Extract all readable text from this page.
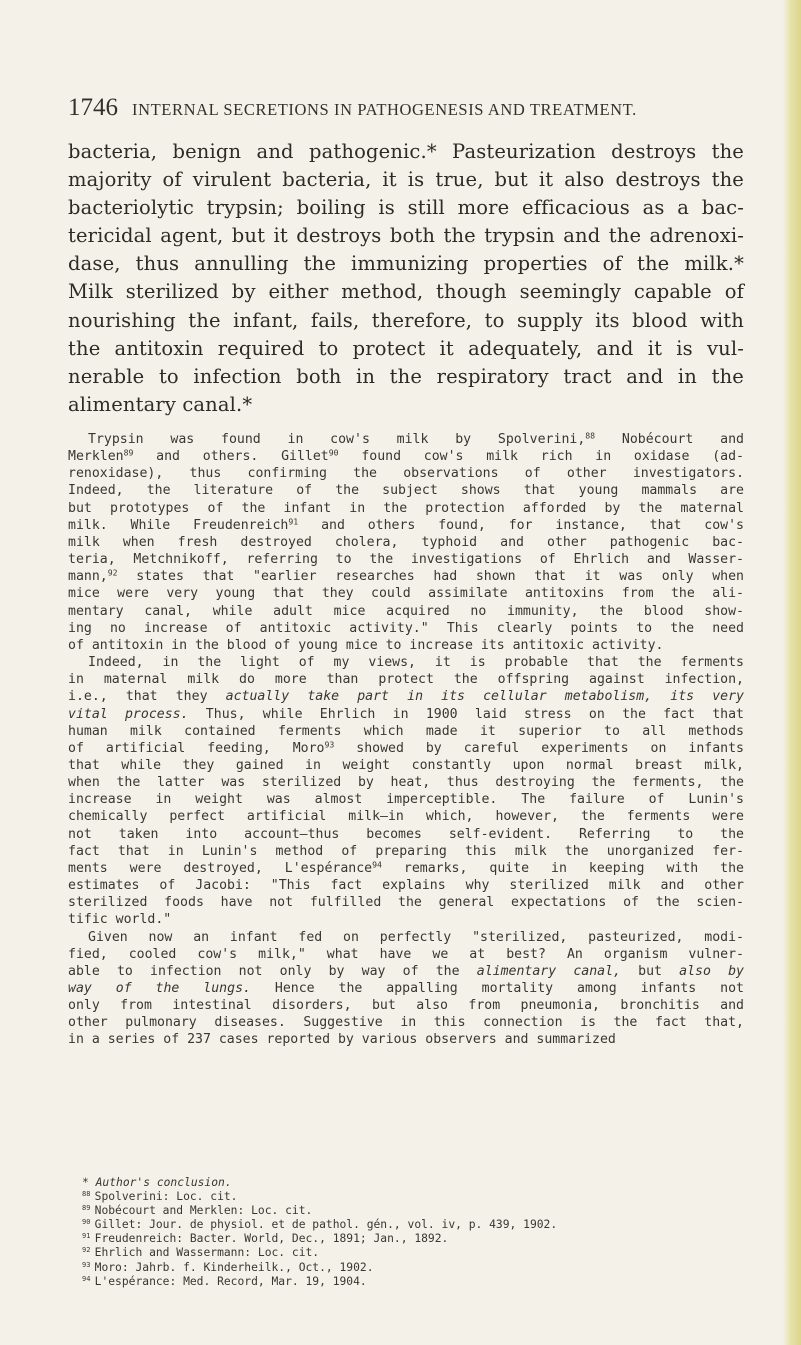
1746 INTERNAL SECRETIONS IN PATHOGENESIS AND TREATMENT.
bacteria, benign and pathogenic.* Pasteurization destroys the
majority of virulent bacteria, it is true, but it also destroys the
bacteriolytic trypsin; boiling is still more efficacious as a bac-
tericidal agent, but it destroys both the trypsin and the adrenoxi-
dase, thus annulling the immunizing properties of the milk.*
Milk sterilized by either method, though seemingly capable of
nourishing the infant, fails, therefore, to supply its blood with
the antitoxin required to protect it adequately, and it is vul-
nerable to infection both in the respiratory tract and in the
alimentary canal.*
Trypsin was found in cow's milk by Spolverini,$^{88}$ Nobécourt and
Merklen$^{89}$ and others. Gillet$^{90}$ found cow's milk rich in oxidase (ad-
renoxidase), thus confirming the observations of other investigators.
Indeed, the literature of the subject shows that young mammals are
but prototypes of the infant in the protection afforded by the maternal
milk. While Freudenreich$^{91}$ and others found, for instance, that cow's
milk when fresh destroyed cholera, typhoid and other pathogenic bac-
teria, Metchnikoff, referring to the investigations of Ehrlich and Wasser-
mann,$^{92}$ states that "earlier researches had shown that it was only when
mice were very young that they could assimilate antitoxins from the ali-
mentary canal, while adult mice acquired no immunity, the blood show-
ing no increase of antitoxic activity." This clearly points to the need
of antitoxin in the blood of young mice to increase its antitoxic activity.
Indeed, in the light of my views, it is probable that the ferments
in maternal milk do more than protect the offspring against infection,
i.e., that they actually take part in its cellular metabolism, its very
vital process. Thus, while Ehrlich in 1900 laid stress on the fact that
human milk contained ferments which made it superior to all methods
of artificial feeding, Moro$^{93}$ showed by careful experiments on infants
that while they gained in weight constantly upon normal breast milk,
when the latter was sterilized by heat, thus destroying the ferments, the
increase in weight was almost imperceptible. The failure of Lunin's
chemically perfect artificial milk—in which, however, the ferments were
not taken into account—thus becomes self-evident. Referring to the
fact that in Lunin's method of preparing this milk the unorganized fer-
ments were destroyed, L'espérance$^{94}$ remarks, quite in keeping with the
estimates of Jacobi: "This fact explains why sterilized milk and other
sterilized foods have not fulfilled the general expectations of the scien-
tific world."
Given now an infant fed on perfectly "sterilized, pasteurized, modi-
fied, cooled cow's milk," what have we at best? An organism vulner-
able to infection not only by way of the alimentary canal, but also by
way of the lungs. Hence the appalling mortality among infants not
only from intestinal disorders, but also from pneumonia, bronchitis and
other pulmonary diseases. Suggestive in this connection is the fact that,
in a series of 237 cases reported by various observers and summarized
* Author's conclusion.
$^{88}$ Spolverini: Loc. cit.
$^{89}$ Nobécourt and Merklen: Loc. cit.
$^{90}$ Gillet: Jour. de physiol. et de pathol. gén., vol. iv, p. 439, 1902.
$^{91}$ Freudenreich: Bacter. World, Dec., 1891; Jan., 1892.
$^{92}$ Ehrlich and Wassermann: Loc. cit.
$^{93}$ Moro: Jahrb. f. Kinderheilk., Oct., 1902.
$^{94}$ L'espérance: Med. Record, Mar. 19, 1904.
